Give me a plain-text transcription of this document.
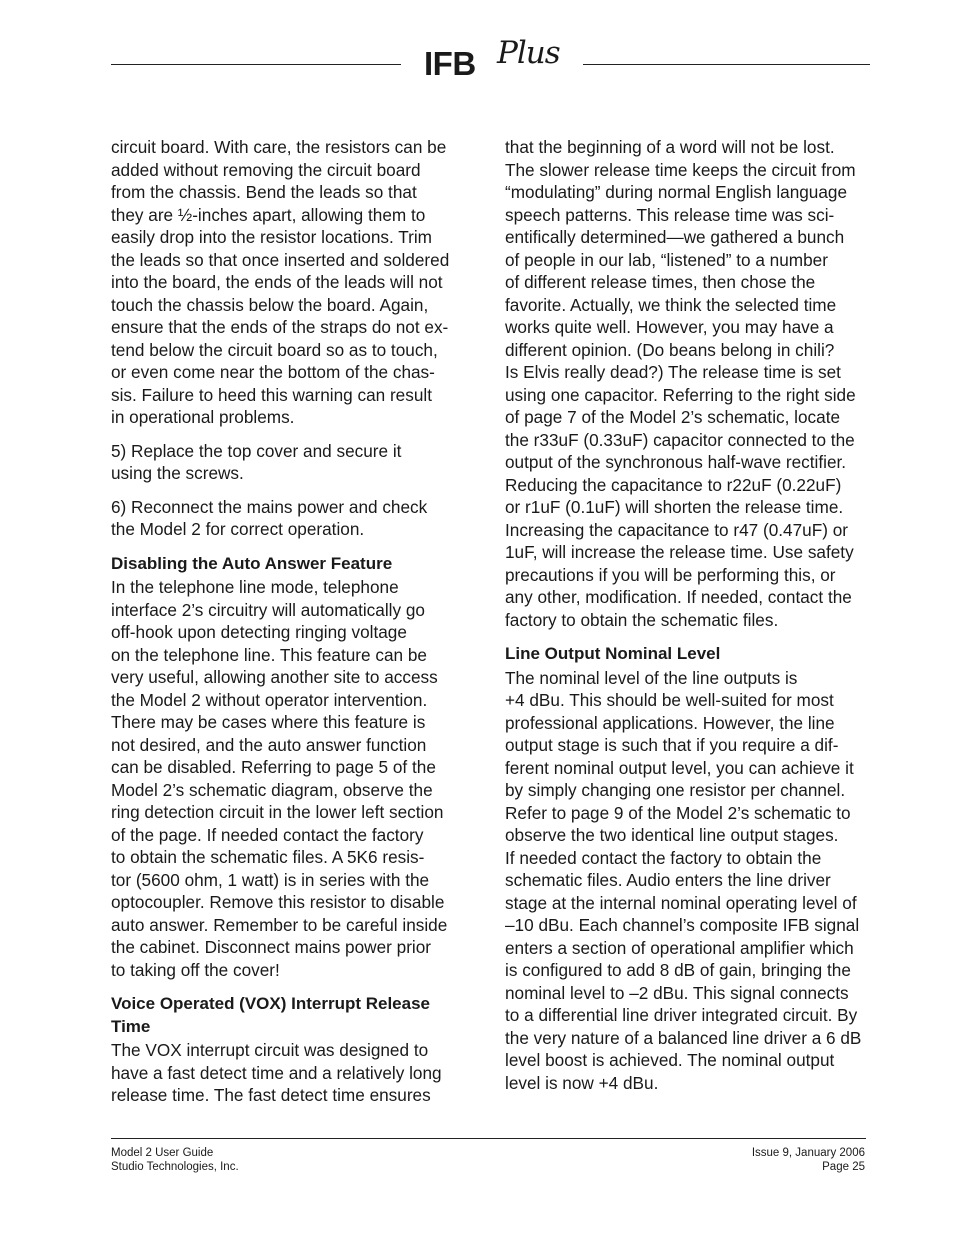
IFB Plus

circuit board. With care, the resistors can be
added without removing the circuit board
from the chassis. Bend the leads so that
they are ½-inches apart, allowing them to
easily drop into the resistor locations. Trim
the leads so that once inserted and soldered
into the board, the ends of the leads will not
touch the chassis below the board. Again,
ensure that the ends of the straps do not ex-
tend below the circuit board so as to touch,
or even come near the bottom of the chas-
sis. Failure to heed this warning can result
in operational problems.

5) Replace the top cover and secure it
using the screws.

6) Reconnect the mains power and check
the Model 2 for correct operation.

Disabling the Auto Answer Feature

In the telephone line mode, telephone
interface 2’s circuitry will automatically go
off-hook upon detecting ringing voltage
on the telephone line. This feature can be
very useful, allowing another site to access
the Model 2 without operator intervention.
There may be cases where this feature is
not desired, and the auto answer function
can be disabled. Referring to page 5 of the
Model 2’s schematic diagram, observe the
ring detection circuit in the lower left section
of the page. If needed contact the factory
to obtain the schematic files. A 5K6 resis-
tor (5600 ohm, 1 watt) is in series with the
optocoupler. Remove this resistor to disable
auto answer. Remember to be careful inside
the cabinet. Disconnect mains power prior
to taking off the cover!

Voice Operated (VOX) Interrupt Release
Time

The VOX interrupt circuit was designed to
have a fast detect time and a relatively long
release time. The fast detect time ensures

that the beginning of a word will not be lost.
The slower release time keeps the circuit from
“modulating” during normal English language
speech patterns. This release time was sci-
entifically determined—we gathered a bunch
of people in our lab, “listened” to a number
of different release times, then chose the
favorite. Actually, we think the selected time
works quite well. However, you may have a
different opinion. (Do beans belong in chili?
Is Elvis really dead?) The release time is set
using one capacitor. Referring to the right side
of page 7 of the Model 2’s schematic, locate
the r33uF (0.33uF) capacitor connected to the
output of the synchronous half-wave rectifier.
Reducing the capacitance to r22uF (0.22uF)
or r1uF (0.1uF) will shorten the release time.
Increasing the capacitance to r47 (0.47uF) or
1uF, will increase the release time. Use safety
precautions if you will be performing this, or
any other, modification. If needed, contact the
factory to obtain the schematic files.

Line Output Nominal Level

The nominal level of the line outputs is
+4 dBu. This should be well-suited for most
professional applications. However, the line
output stage is such that if you require a dif-
ferent nominal output level, you can achieve it
by simply changing one resistor per channel.
Refer to page 9 of the Model 2’s schematic to
observe the two identical line output stages.
If needed contact the factory to obtain the
schematic files. Audio enters the line driver
stage at the internal nominal operating level of
–10 dBu. Each channel’s composite IFB signal
enters a section of operational amplifier which
is configured to add 8 dB of gain, bringing the
nominal level to –2 dBu. This signal connects
to a differential line driver integrated circuit. By
the very nature of a balanced line driver a 6 dB
level boost is achieved. The nominal output
level is now +4 dBu.

Model 2 User Guide
Studio Technologies, Inc.
Issue 9, January 2006
Page 25
